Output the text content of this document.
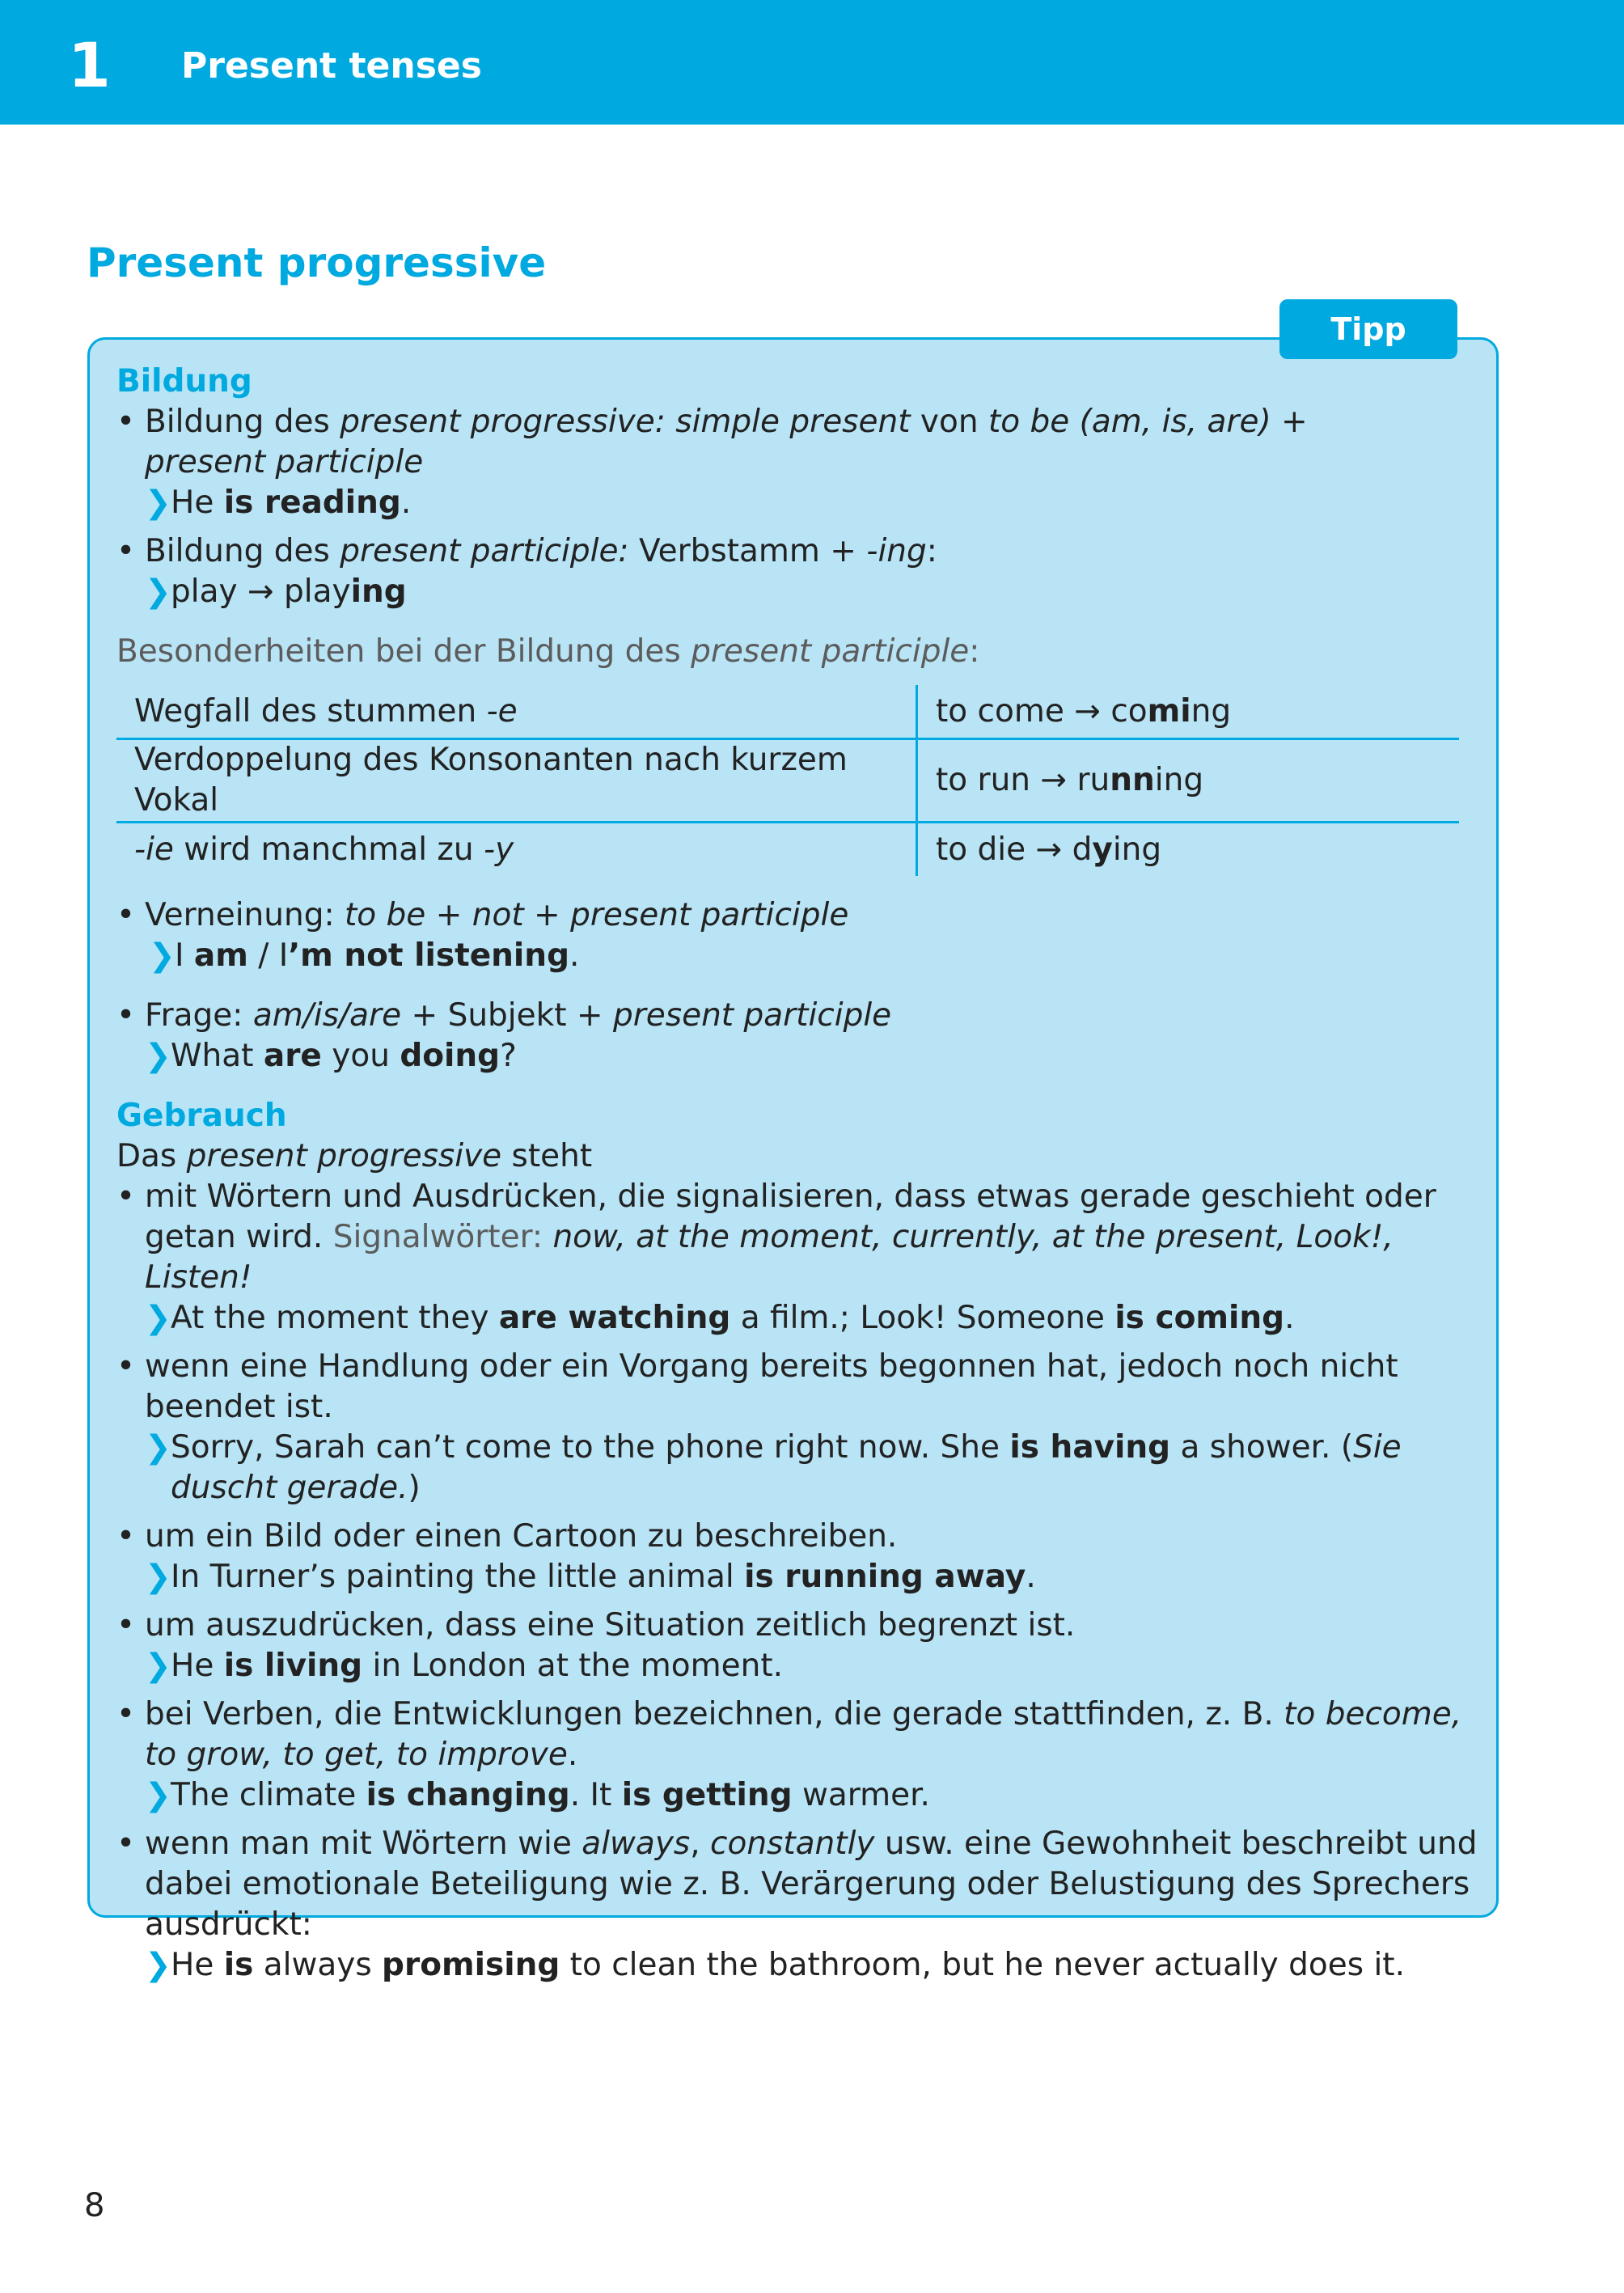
1 Present tenses
Present progressive
Tipp

Bildung

• Bildung des present progressive: simple present von to be (am, is, are) +
present participle

❯ He is reading.

• Bildung des present participle: Verbstamm + -ing:

❯ play → playing

Besonderheiten bei der Bildung des present participle:

Wegfall des stummen -e	to come → coming
Verdoppelung des Konsonanten nach kurzem Vokal	to run → running
-ie wird manchmal zu -y	to die → dying

• Verneinung: to be + not + present participle

❯ I am / I’m not listening.

• Frage: am/is/are + Subjekt + present participle

❯ What are you doing?

Gebrauch

Das present progressive steht

• mit Wörtern und Ausdrücken, die signalisieren, dass etwas gerade geschieht oder getan wird. Signalwörter: now, at the moment, currently, at the present, Look!, Listen!

❯ At the moment they are watching a film.; Look! Someone is coming.

• wenn eine Handlung oder ein Vorgang bereits begonnen hat, jedoch noch nicht beendet ist.

❯ Sorry, Sarah can’t come to the phone right now. She is having a shower. (Sie duscht gerade.)

• um ein Bild oder einen Cartoon zu beschreiben.

❯ In Turner’s painting the little animal is running away.

• um auszudrücken, dass eine Situation zeitlich begrenzt ist.

❯ He is living in London at the moment.

• bei Verben, die Entwicklungen bezeichnen, die gerade stattfinden, z. B. to become, to grow, to get, to improve.

❯ The climate is changing. It is getting warmer.

• wenn man mit Wörtern wie always, constantly usw. eine Gewohnheit beschreibt und dabei emotionale Beteiligung wie z. B. Verärgerung oder Belustigung des Sprechers ausdrückt:

❯ He is always promising to clean the bathroom, but he never actually does it.
8
